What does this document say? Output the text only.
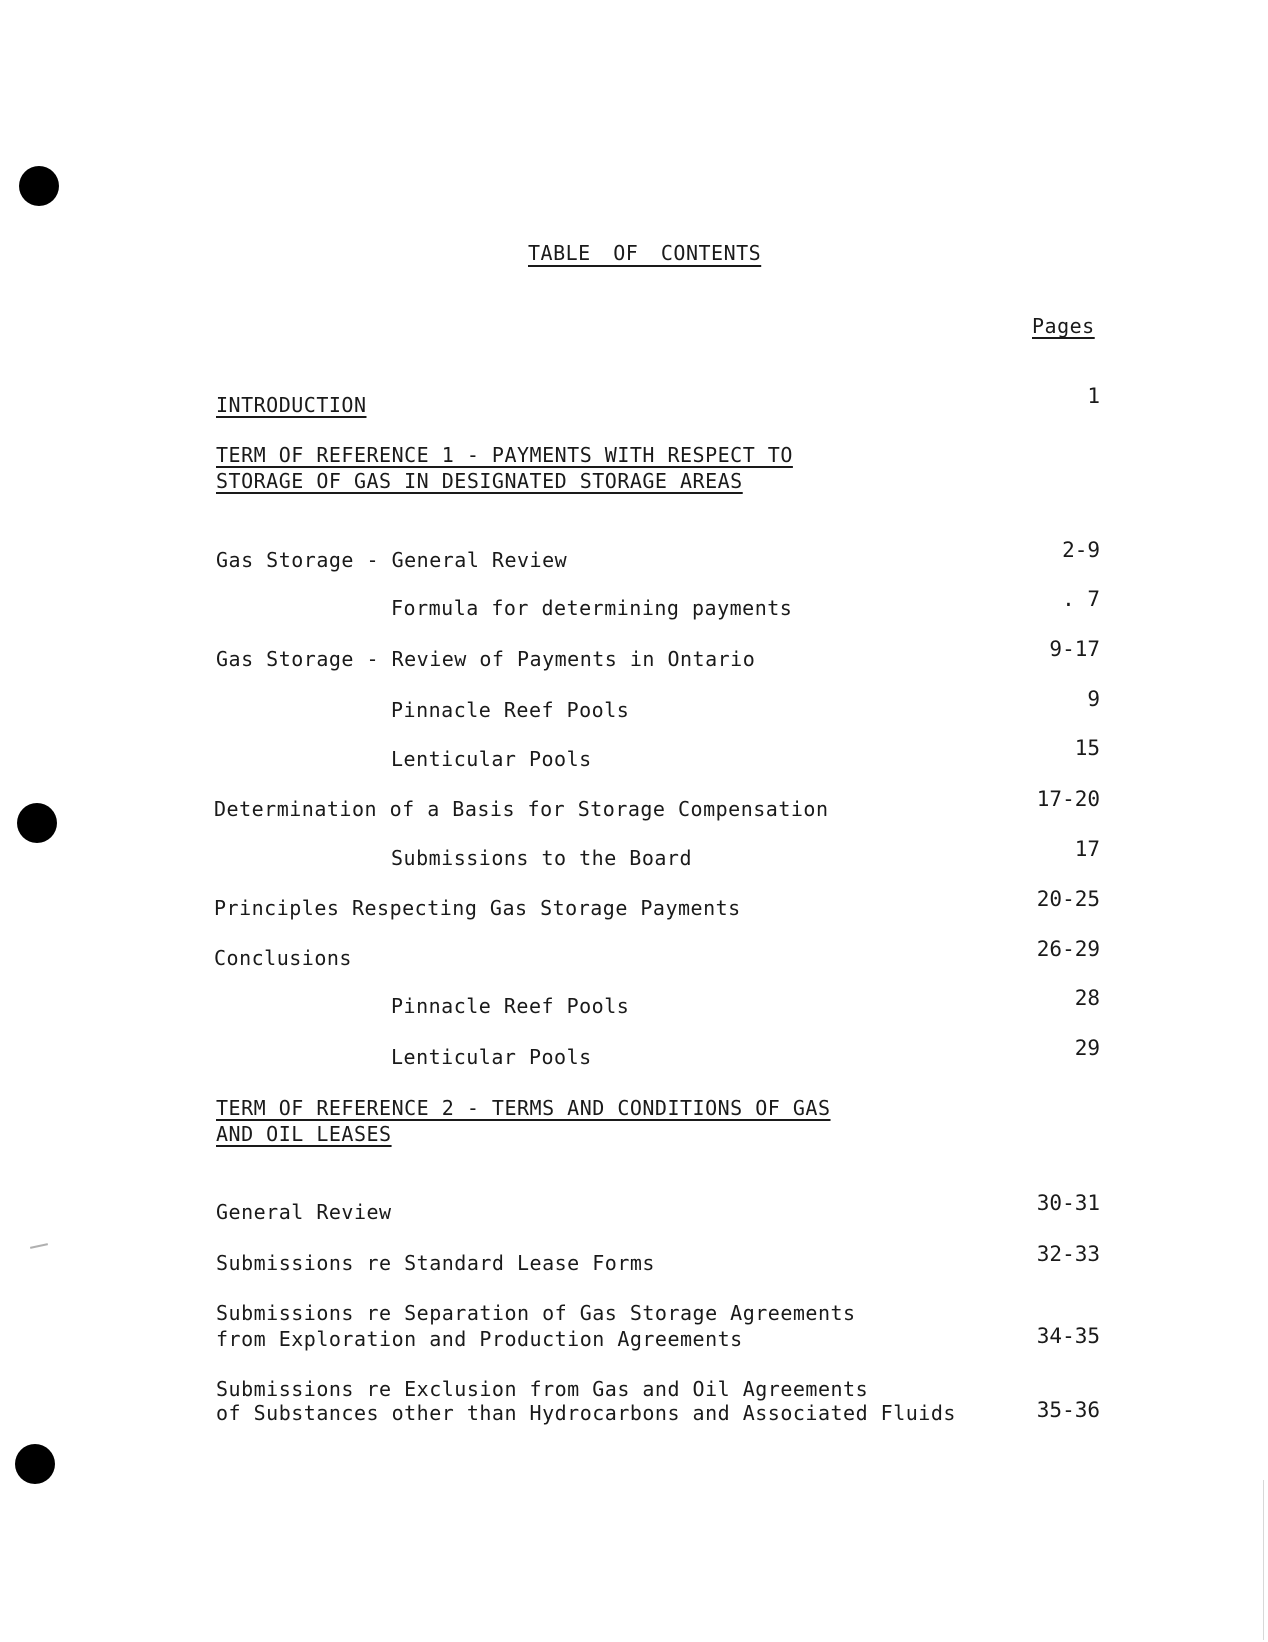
TABLE OF CONTENTS
Pages
INTRODUCTION	1
TERM OF REFERENCE 1 - PAYMENTS WITH RESPECT TO
STORAGE OF GAS IN DESIGNATED STORAGE AREAS
Gas Storage - General Review	2-9
Formula for determining payments	. 7
Gas Storage - Review of Payments in Ontario	9-17
Pinnacle Reef Pools	9
Lenticular Pools	15
Determination of a Basis for Storage Compensation	17-20
Submissions to the Board	17
Principles Respecting Gas Storage Payments	20-25
Conclusions	26-29
Pinnacle Reef Pools	28
Lenticular Pools	29
TERM OF REFERENCE 2 - TERMS AND CONDITIONS OF GAS
AND OIL LEASES
General Review	30-31
Submissions re Standard Lease Forms	32-33
Submissions re Separation of Gas Storage Agreements
from Exploration and Production Agreements	34-35
Submissions re Exclusion from Gas and Oil Agreements
of Substances other than Hydrocarbons and Associated Fluids	35-36
